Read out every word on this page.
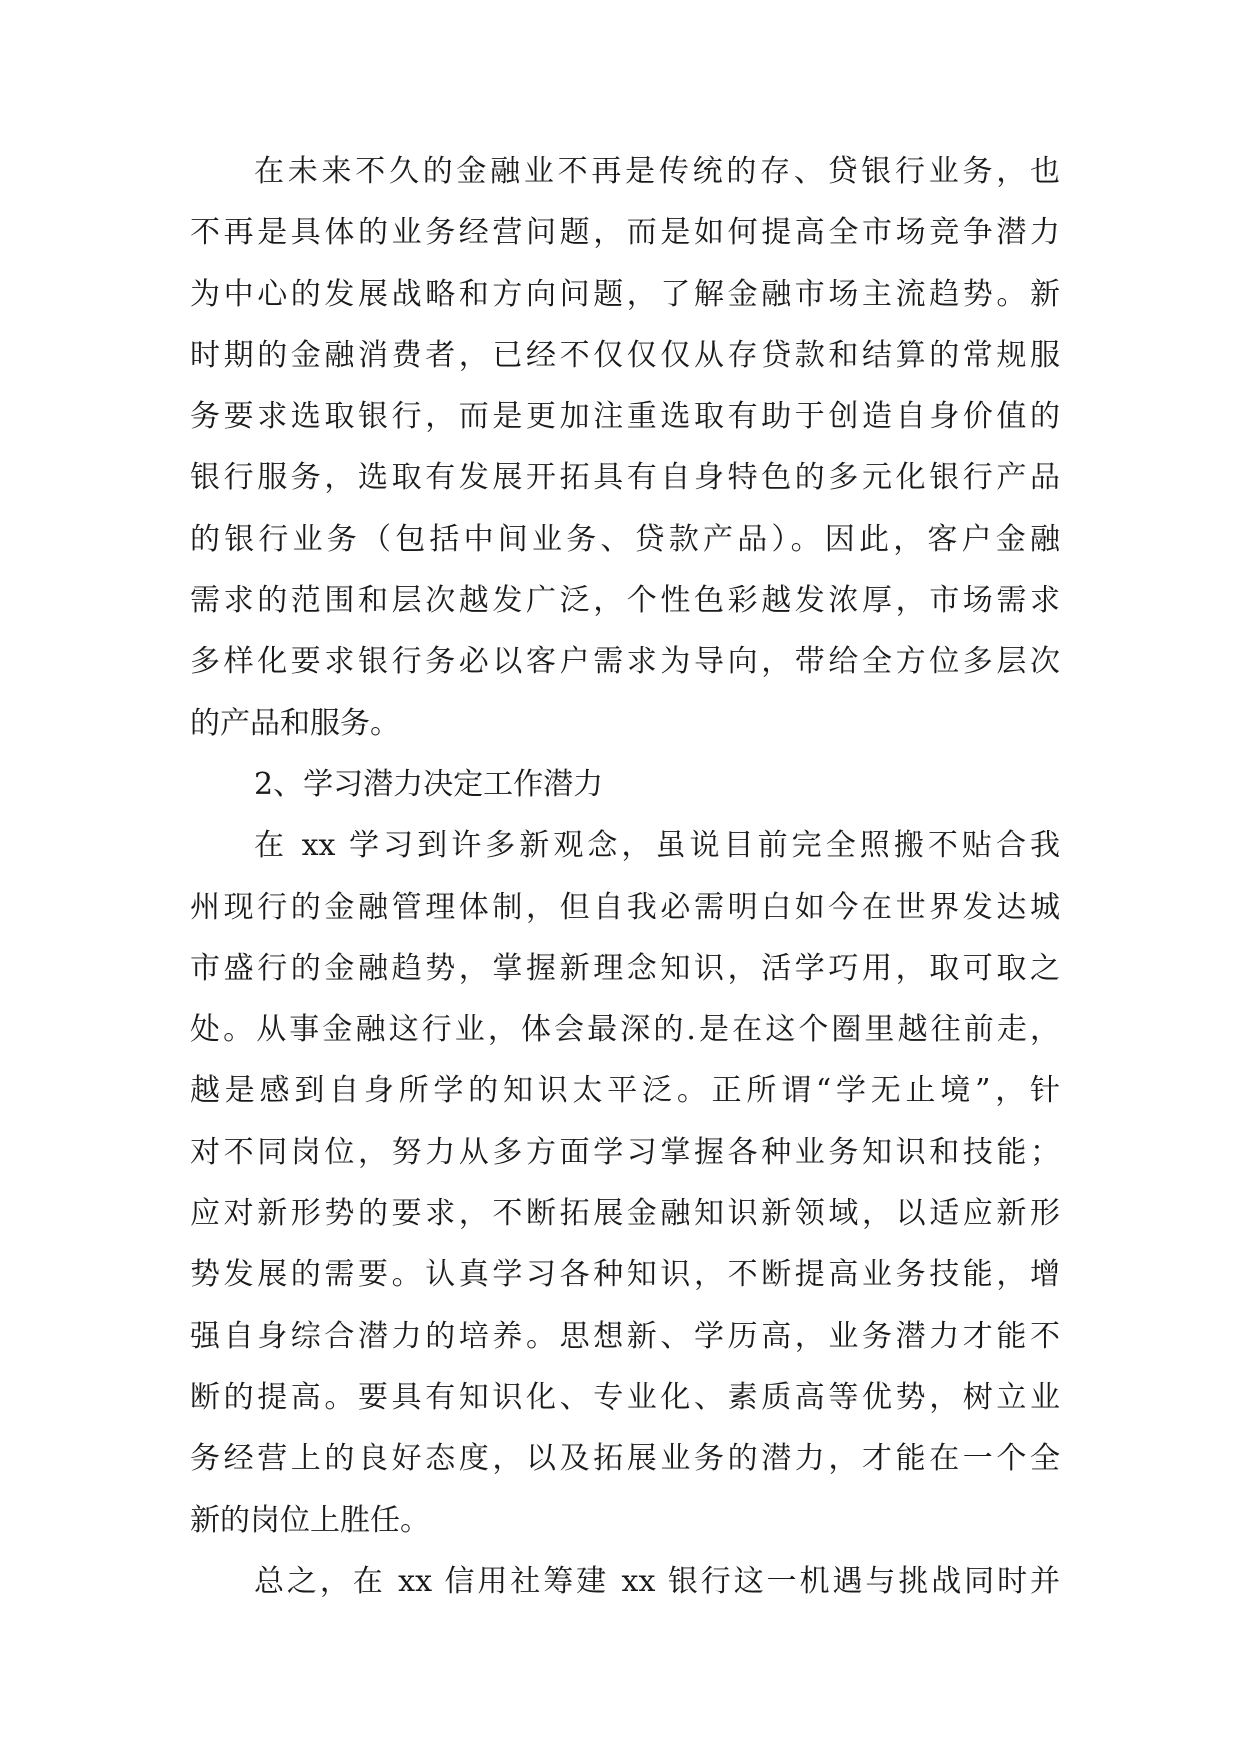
在未来不久的金融业不再是传统的存、贷银行业务，也
不再是具体的业务经营问题，而是如何提高全市场竞争潜力
为中心的发展战略和方向问题，了解金融市场主流趋势。新
时期的金融消费者，已经不仅仅仅从存贷款和结算的常规服
务要求选取银行，而是更加注重选取有助于创造自身价值的
银行服务，选取有发展开拓具有自身特色的多元化银行产品
的银行业务（包括中间业务、贷款产品）。因此，客户金融
需求的范围和层次越发广泛，个性色彩越发浓厚，市场需求
多样化要求银行务必以客户需求为导向，带给全方位多层次
的产品和服务。
2、学习潜力决定工作潜力
在 xx 学习到许多新观念，虽说目前完全照搬不贴合我
州现行的金融管理体制，但自我必需明白如今在世界发达城
市盛行的金融趋势，掌握新理念知识，活学巧用，取可取之
处。从事金融这行业，体会最深的.是在这个圈里越往前走，
越是感到自身所学的知识太平泛。正所谓“学无止境”，针
对不同岗位，努力从多方面学习掌握各种业务知识和技能；
应对新形势的要求，不断拓展金融知识新领域，以适应新形
势发展的需要。认真学习各种知识，不断提高业务技能，增
强自身综合潜力的培养。思想新、学历高，业务潜力才能不
断的提高。要具有知识化、专业化、素质高等优势，树立业
务经营上的良好态度，以及拓展业务的潜力，才能在一个全
新的岗位上胜任。
总之，在 xx 信用社筹建 xx 银行这一机遇与挑战同时并
